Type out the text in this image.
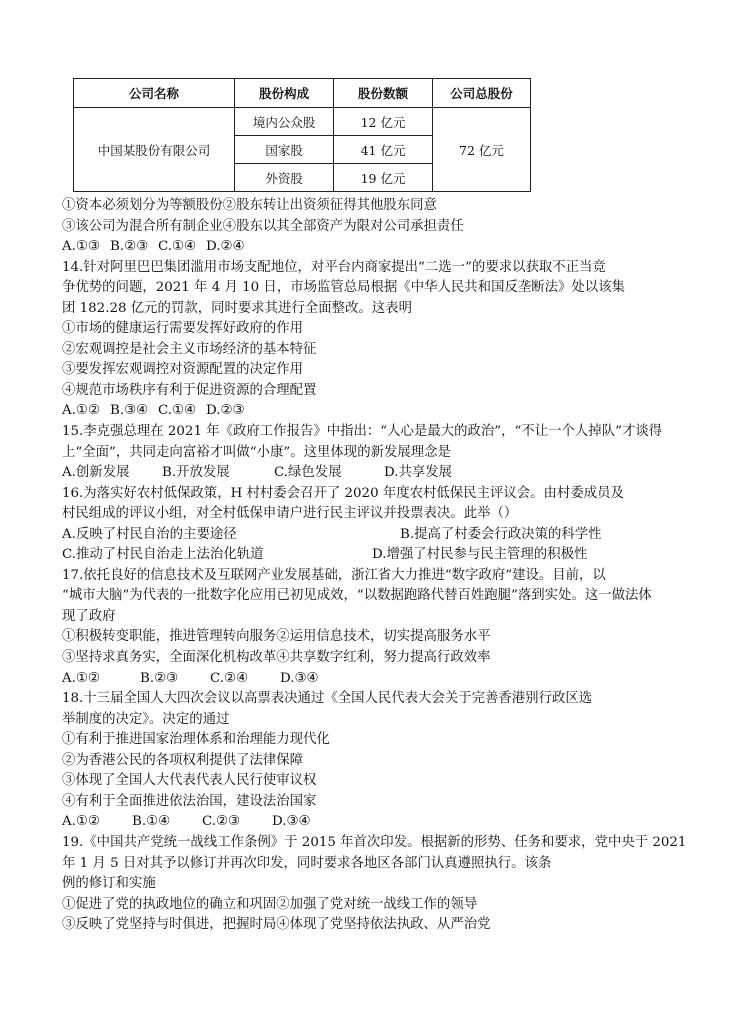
公司名称	股份构成	股份数额	公司总股份
中国某股份有限公司	境内公众股	12 亿元	72 亿元
	国家股	41 亿元	
	外资股	19 亿元	
①资本必须划分为等额股份②股东转让出资须征得其他股东同意
③该公司为混合所有制企业④股东以其全部资产为限对公司承担责任
A.①③ B.②③ C.①④ D.②④
14.针对阿里巴巴集团滥用市场支配地位，对平台内商家提出“二选一”的要求以获取不正当竞
争优势的问题，2021 年 4 月 10 日，市场监管总局根据《中华人民共和国反垄断法》处以该集
团 182.28 亿元的罚款，同时要求其进行全面整改。这表明
①市场的健康运行需要发挥好政府的作用
②宏观调控是社会主义市场经济的基本特征
③要发挥宏观调控对资源配置的决定作用
④规范市场秩序有利于促进资源的合理配置
A.①② B.③④ C.①④ D.②③
15.李克强总理在 2021 年《政府工作报告》中指出：“人心是最大的政治”，“不让一个人掉队”才谈得
上“全面”，共同走向富裕才叫做“小康”。这里体现的新发展理念是
A.创新发展	B.开放发展	C.绿色发展	D.共享发展
16.为落实好农村低保政策，H 村村委会召开了 2020 年度农村低保民主评议会。由村委成员及
村民组成的评议小组，对全村低保申请户进行民主评议并投票表决。此举（）
A.反映了村民自治的主要途径	B.提高了村委会行政决策的科学性
C.推动了村民自治走上法治化轨道	D.增强了村民参与民主管理的积极性
17.依托良好的信息技术及互联网产业发展基础，浙江省大力推进“数字政府”建设。目前，以
“城市大脑”为代表的一批数字化应用已初见成效，“以数据跑路代替百姓跑腿”落到实处。这一做法体
现了政府
①积极转变职能，推进管理转向服务②运用信息技术，切实提高服务水平
③坚持求真务实，全面深化机构改革④共享数字红利，努力提高行政效率
A.①②	B.②③	C.②④	D.③④
18.十三届全国人大四次会议以高票表决通过《全国人民代表大会关于完善香港别行政区选
举制度的决定》。决定的通过
①有利于推进国家治理体系和治理能力现代化
②为香港公民的各项权利提供了法律保障
③体现了全国人大代表代表人民行使审议权
④有利于全面推进依法治国，建设法治国家
A.①②	B.①④	C.②③	D.③④
19.《中国共产党统一战线工作条例》于 2015 年首次印发。根据新的形势、任务和要求，党中央于 2021
年 1 月 5 日对其予以修订并再次印发，同时要求各地区各部门认真遵照执行。该条
例的修订和实施
①促进了党的执政地位的确立和巩固②加强了党对统一战线工作的领导
③反映了党坚持与时俱进，把握时局④体现了党坚持依法执政、从严治党
